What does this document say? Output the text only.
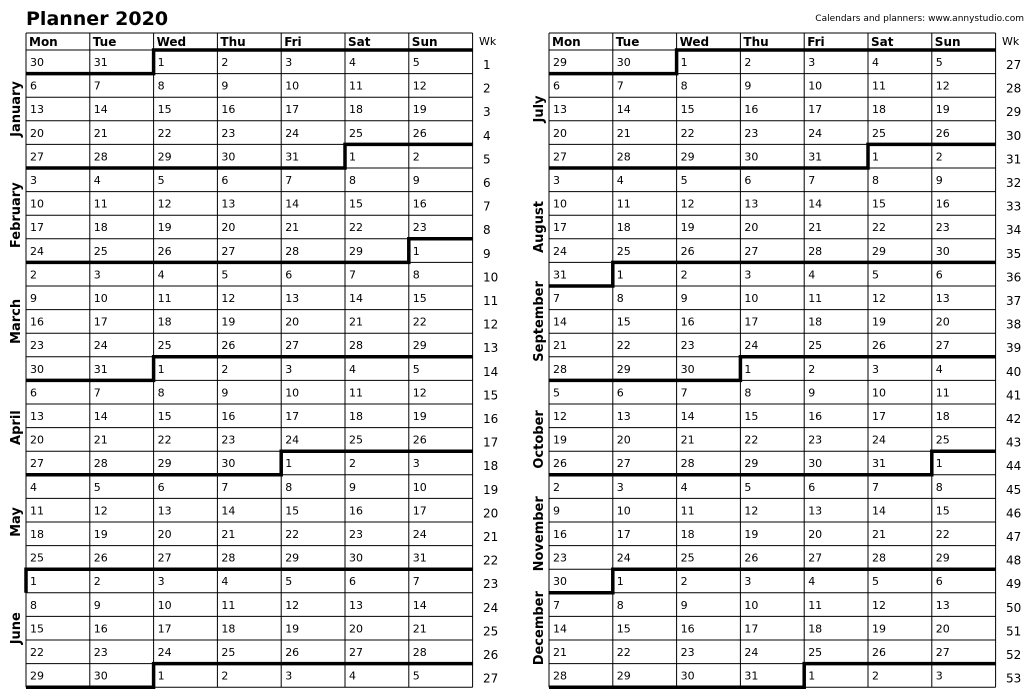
Planner 2020	Calendars and planners: www.annystudio.com
Mon	Tue	Wed	Thu	Fri	Sat	Sun	Wk
30	31	1	2	3	4	5	1
6	7	8	9	10	11	12	2
13	14	15	16	17	18	19	3
20	21	22	23	24	25	26	4
27	28	29	30	31	1	2	5
3	4	5	6	7	8	9	6
10	11	12	13	14	15	16	7
17	18	19	20	21	22	23	8
24	25	26	27	28	29	1	9
2	3	4	5	6	7	8	10
9	10	11	12	13	14	15	11
16	17	18	19	20	21	22	12
23	24	25	26	27	28	29	13
30	31	1	2	3	4	5	14
6	7	8	9	10	11	12	15
13	14	15	16	17	18	19	16
20	21	22	23	24	25	26	17
27	28	29	30	1	2	3	18
4	5	6	7	8	9	10	19
11	12	13	14	15	16	17	20
18	19	20	21	22	23	24	21
25	26	27	28	29	30	31	22
1	2	3	4	5	6	7	23
8	9	10	11	12	13	14	24
15	16	17	18	19	20	21	25
22	23	24	25	26	27	28	26
29	30	1	2	3	4	5	27
January
February
March
April
May
June
Mon	Tue	Wed	Thu	Fri	Sat	Sun	Wk
29	30	1	2	3	4	5	27
6	7	8	9	10	11	12	28
13	14	15	16	17	18	19	29
20	21	22	23	24	25	26	30
27	28	29	30	31	1	2	31
3	4	5	6	7	8	9	32
10	11	12	13	14	15	16	33
17	18	19	20	21	22	23	34
24	25	26	27	28	29	30	35
31	1	2	3	4	5	6	36
7	8	9	10	11	12	13	37
14	15	16	17	18	19	20	38
21	22	23	24	25	26	27	39
28	29	30	1	2	3	4	40
5	6	7	8	9	10	11	41
12	13	14	15	16	17	18	42
19	20	21	22	23	24	25	43
26	27	28	29	30	31	1	44
2	3	4	5	6	7	8	45
9	10	11	12	13	14	15	46
16	17	18	19	20	21	22	47
23	24	25	26	27	28	29	48
30	1	2	3	4	5	6	49
7	8	9	10	11	12	13	50
14	15	16	17	18	19	20	51
21	22	23	24	25	26	27	52
28	29	30	31	1	2	3	53
July
August
September
October
November
December
